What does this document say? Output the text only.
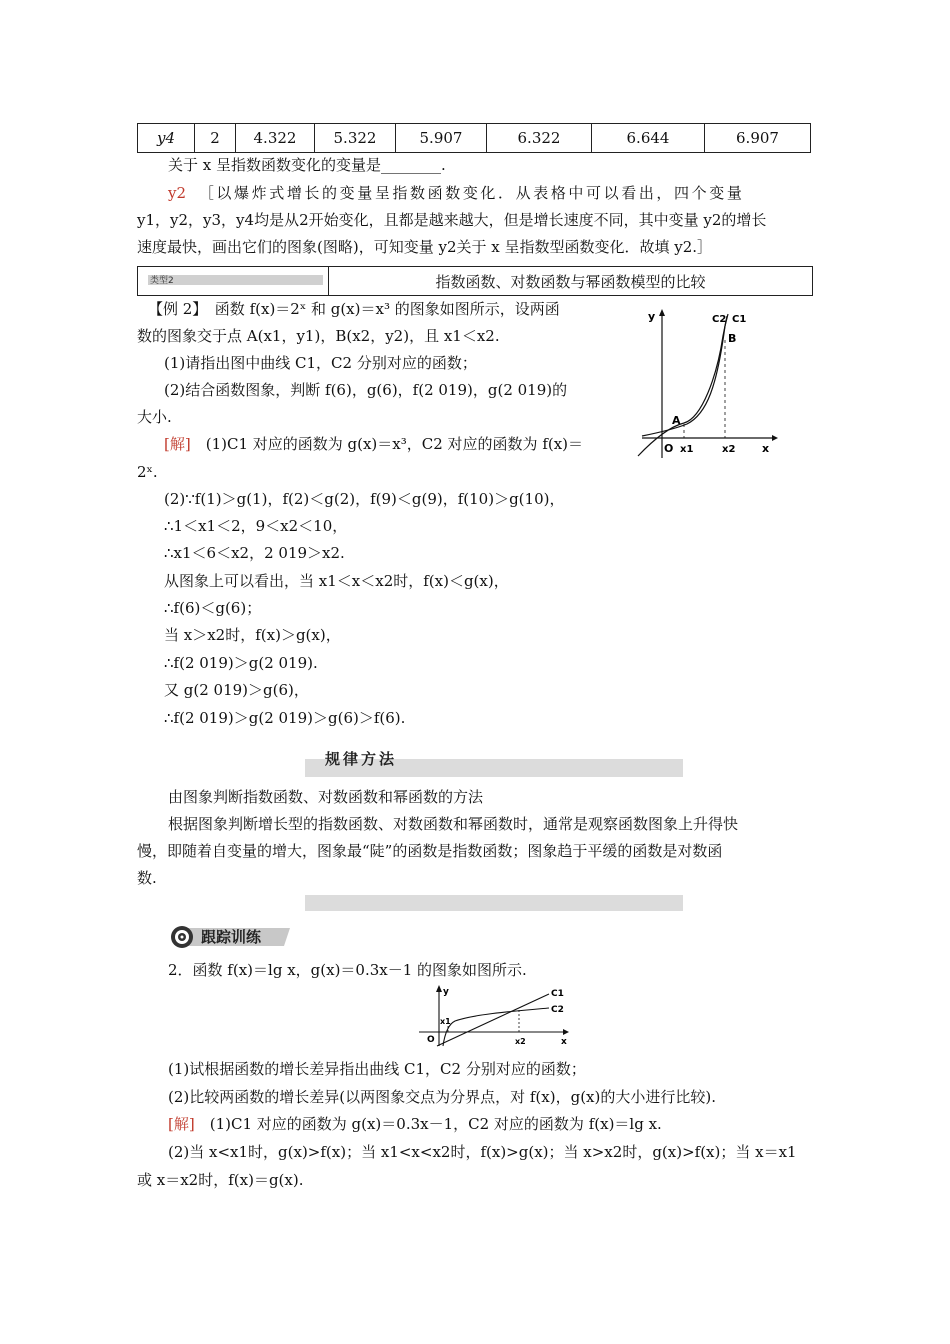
y4	2	4.322	5.322	5.907	6.322	6.644	6.907
关于 x 呈指数函数变化的变量是________.
y2 ［以爆炸式增长的变量呈指数函数变化．从表格中可以看出，四个变量
y1，y2，y3，y4均是从2开始变化，且都是越来越大，但是增长速度不同，其中变量 y2的增长
速度最快，画出它们的图象(图略)，可知变量 y2关于 x 呈指数型函数变化．故填 y2.］
类型2	指数函数、对数函数与幂函数模型的比较
【例 2】　函数 f(x)＝2ˣ 和 g(x)＝x³ 的图象如图所示，设两函
数的图象交于点 A(x1，y1)，B(x2，y2)，且 x1＜x2.
(1)请指出图中曲线 C1，C2 分别对应的函数；
(2)结合函数图象，判断 f(6)，g(6)，f(2 019)，g(2 019)的
大小.
[解]　(1)C1 对应的函数为 g(x)＝x³，C2 对应的函数为 f(x)＝
2ˣ.
(2)∵f(1)＞g(1)，f(2)＜g(2)，f(9)＜g(9)，f(10)＞g(10)，
∴1＜x1＜2，9＜x2＜10，
∴x1＜6＜x2，2 019＞x2.
从图象上可以看出，当 x1＜x＜x2时，f(x)＜g(x)，
∴f(6)＜g(6)；
当 x＞x2时，f(x)＞g(x)，
∴f(2 019)＞g(2 019).
又 g(2 019)＞g(6)，
∴f(2 019)＞g(2 019)＞g(6)＞f(6).
y	C2 C1
B
A
O x1	x2 x
规律方法
由图象判断指数函数、对数函数和幂函数的方法
根据图象判断增长型的指数函数、对数函数和幂函数时，通常是观察函数图象上升得快
慢，即随着自变量的增大，图象最“陡”的函数是指数函数；图象趋于平缓的函数是对数函
数.
跟踪训练
2．函数 f(x)＝lg x，g(x)＝0.3x－1 的图象如图所示.
y	C1
C2
x1
O	x2	x
(1)试根据函数的增长差异指出曲线 C1，C2 分别对应的函数；
(2)比较两函数的增长差异(以两图象交点为分界点，对 f(x)，g(x)的大小进行比较).
[解]　(1)C1 对应的函数为 g(x)＝0.3x－1，C2 对应的函数为 f(x)＝lg x.
(2)当 x<x1时，g(x)>f(x)；当 x1<x<x2时，f(x)>g(x)；当 x>x2时，g(x)>f(x)；当 x＝x1
或 x＝x2时，f(x)＝g(x).
